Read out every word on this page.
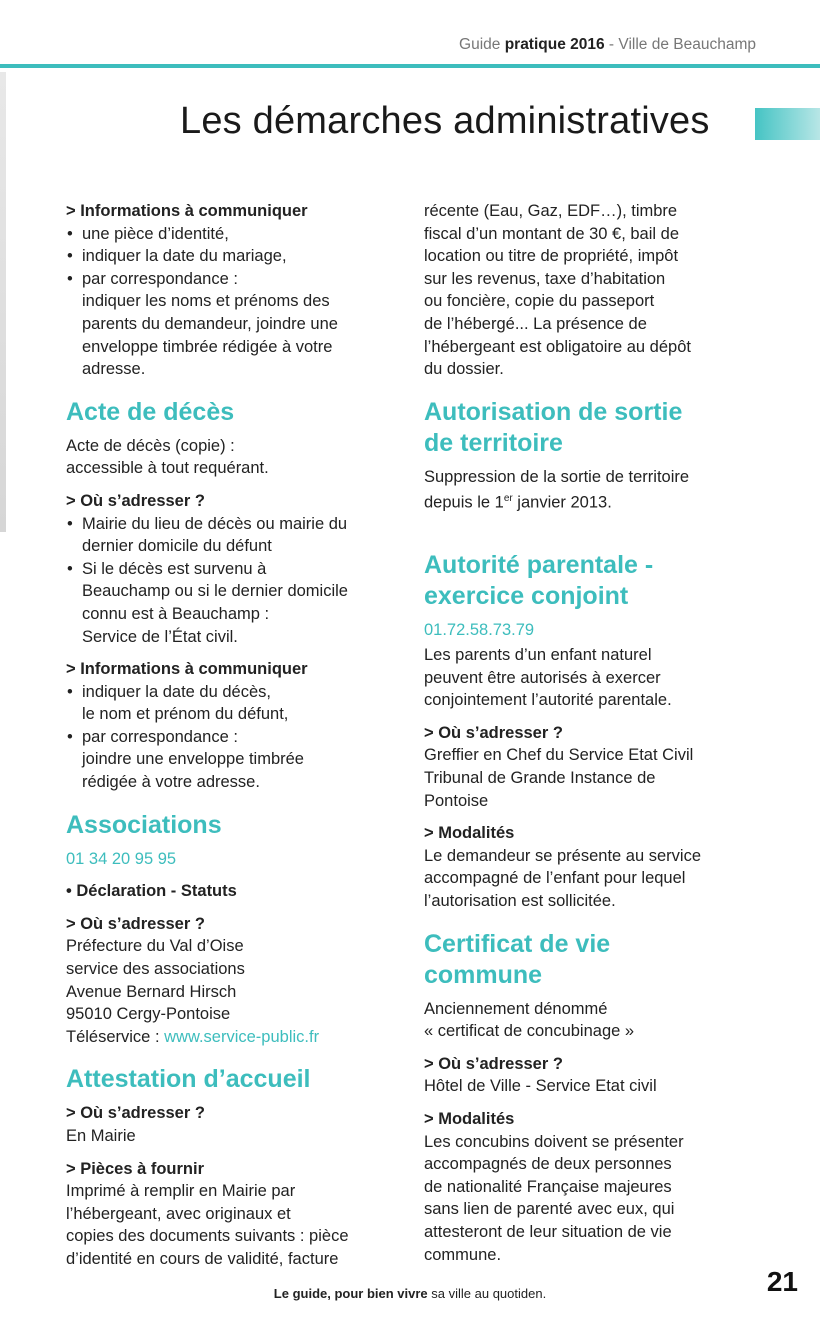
Guide pratique 2016 - Ville de Beauchamp
Les démarches administratives

> Informations à communiquer

• une pièce d’identité,
• indiquer la date du mariage,
• par correspondance :
indiquer les noms et prénoms des
parents du demandeur, joindre une
enveloppe timbrée rédigée à votre
adresse.
Acte de décès

Acte de décès (copie) :

accessible à tout requérant.

> Où s’adresser ?

• Mairie du lieu de décès ou mairie du
dernier domicile du défunt
• Si le décès est survenu à
Beauchamp ou si le dernier domicile
connu est à Beauchamp :
Service de l’État civil.

> Informations à communiquer

• indiquer la date du décès,
le nom et prénom du défunt,
• par correspondance :
joindre une enveloppe timbrée
rédigée à votre adresse.
Associations

01 34 20 95 95

• Déclaration - Statuts

> Où s’adresser ?

Préfecture du Val d’Oise

service des associations

Avenue Bernard Hirsch

95010 Cergy-Pontoise

Téléservice : www.service-public.fr

Attestation d’accueil

> Où s’adresser ?

En Mairie

> Pièces à fournir

Imprimé à remplir en Mairie par

l’hébergeant, avec originaux et

copies des documents suivants : pièce

d’identité en cours de validité, facture

récente (Eau, Gaz, EDF…), timbre

fiscal d’un montant de 30 €, bail de

location ou titre de propriété, impôt

sur les revenus, taxe d’habitation

ou foncière, copie du passeport

de l’hébergé... La présence de

l’hébergeant est obligatoire au dépôt

du dossier.

Autorisation de sortie
de territoire

Suppression de la sortie de territoire

depuis le 1er janvier 2013.

Autorité parentale -
exercice conjoint

01.72.58.73.79

Les parents d’un enfant naturel

peuvent être autorisés à exercer

conjointement l’autorité parentale.

> Où s’adresser ?

Greffier en Chef du Service Etat Civil

Tribunal de Grande Instance de

Pontoise

> Modalités

Le demandeur se présente au service

accompagné de l’enfant pour lequel

l’autorisation est sollicitée.

Certificat de vie
commune

Anciennement dénommé

« certificat de concubinage »

> Où s’adresser ?

Hôtel de Ville - Service Etat civil

> Modalités

Les concubins doivent se présenter

accompagnés de deux personnes

de nationalité Française majeures

sans lien de parenté avec eux, qui

attesteront de leur situation de vie

commune.

Le guide, pour bien vivre sa ville au quotiden.	21
